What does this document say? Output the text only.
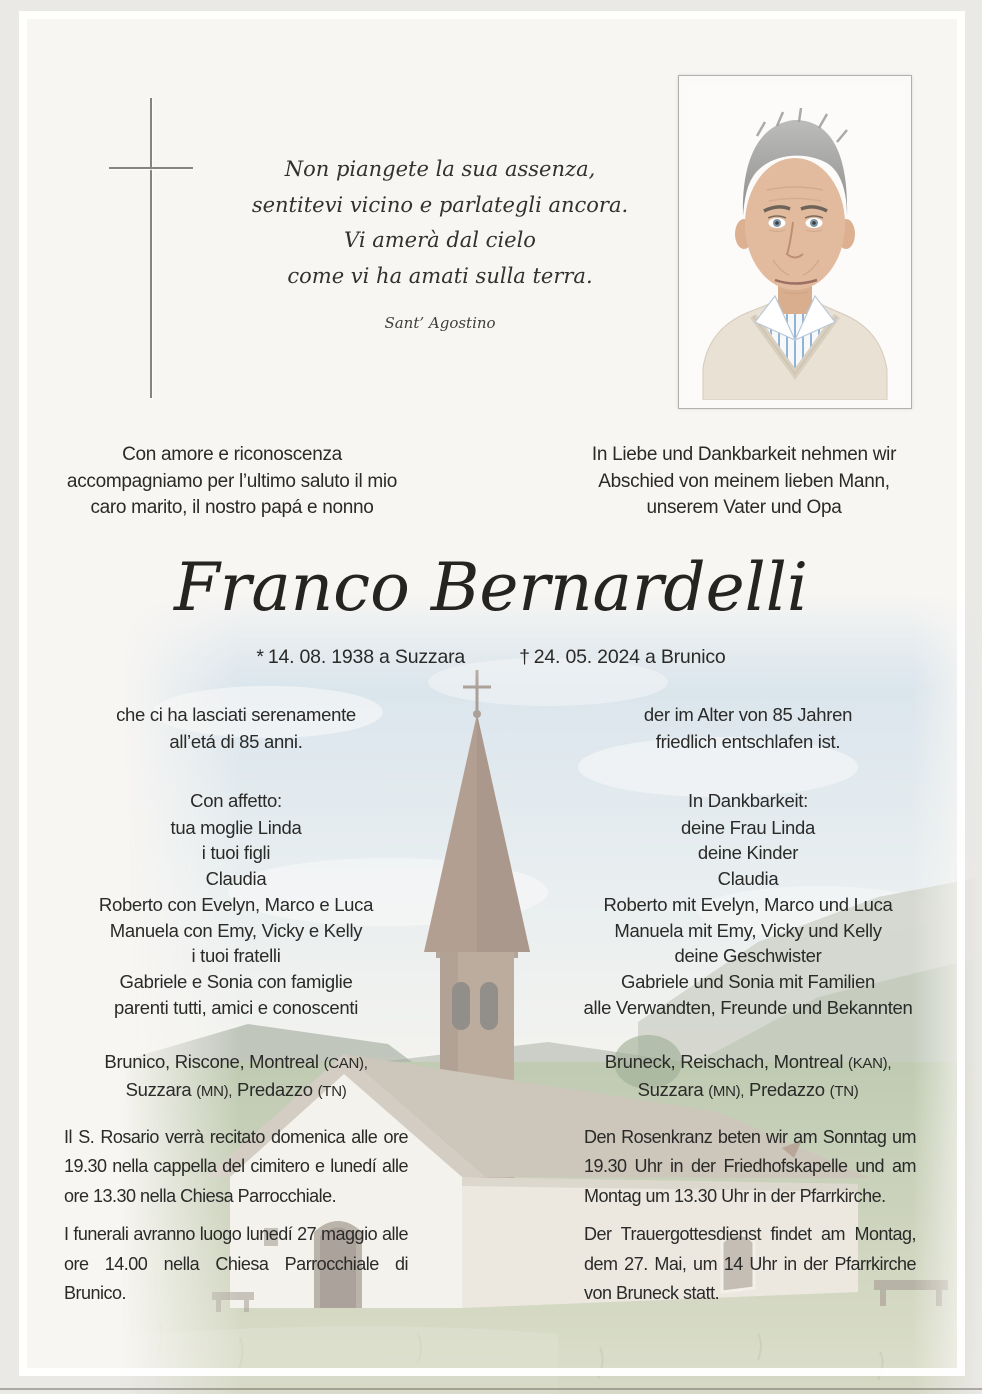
Non piangete la sua assenza,

sentitevi vicino e parlategli ancora.

Vi amerà dal cielo

come vi ha amati sulla terra.

Sant’ Agostino

Con amore e riconoscenza

accompagniamo per l’ultimo saluto il mio

caro marito, il nostro papá e nonno

In Liebe und Dankbarkeit nehmen wir

Abschied von meinem lieben Mann,

unserem Vater und Opa

Franco Bernardelli
* 14. 08. 1938 a Suzzara	† 24. 05. 2024 a Brunico

che ci ha lasciati serenamente

all’etá di 85 anni.

Con affetto:

tua moglie Linda

i tuoi figli

Claudia

Roberto con Evelyn, Marco e Luca

Manuela con Emy, Vicky e Kelly

i tuoi fratelli

Gabriele e Sonia con famiglie

parenti tutti, amici e conoscenti

Brunico, Riscone, Montreal (CAN),

Suzzara (MN), Predazzo (TN)

Il S. Rosario verrà recitato domenica alle ore 19.30 nella cappella del cimitero e lunedí alle ore 13.30 nella Chiesa Parrocchiale.

I funerali avranno luogo lunedí 27 maggio alle ore 14.00 nella Chiesa Parrocchiale di Brunico.

der im Alter von 85 Jahren

friedlich entschlafen ist.

In Dankbarkeit:

deine Frau Linda

deine Kinder

Claudia

Roberto mit Evelyn, Marco und Luca

Manuela mit Emy, Vicky und Kelly

deine Geschwister

Gabriele und Sonia mit Familien

alle Verwandten, Freunde und Bekannten

Bruneck, Reischach, Montreal (KAN),

Suzzara (MN), Predazzo (TN)

Den Rosenkranz beten wir am Sonntag um 19.30 Uhr in der Friedhofskapelle und am Montag um 13.30 Uhr in der Pfarrkirche.

Der Trauergottesdienst findet am Montag, dem 27. Mai, um 14 Uhr in der Pfarrkirche von Bruneck statt.
